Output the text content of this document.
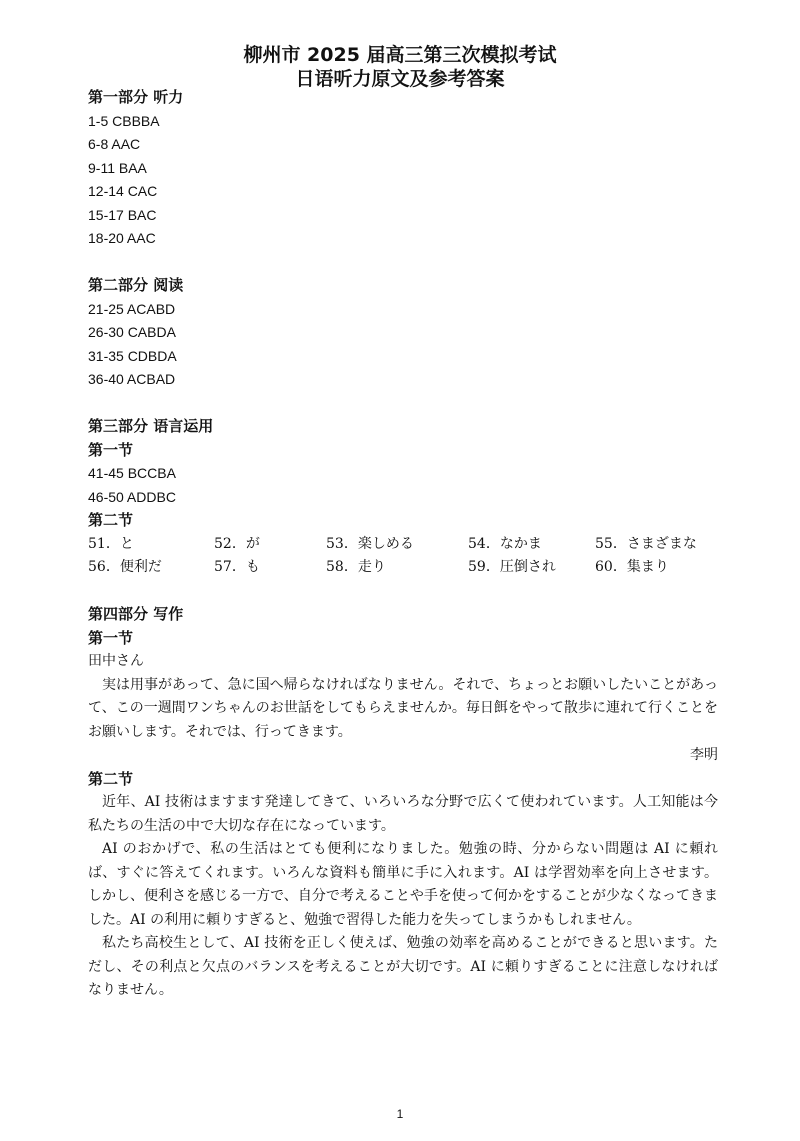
柳州市 2025 届高三第三次模拟考试
日语听力原文及参考答案
第一部分 听力
1-5 CBBBA
6-8 AAC
9-11 BAA
12-14 CAC
15-17 BAC
18-20 AAC
第二部分 阅读
21-25 ACABD
26-30 CABDA
31-35 CDBDA
36-40 ACBAD
第三部分 语言运用
第一节
41-45 BCCBA
46-50 ADDBC
第二节
51．と	52．が	53．楽しめる	54．なかま	55．さまざまな
56．便利だ	57．も	58．走り	59．圧倒され	60．集まり
第四部分 写作
第一节
田中さん
実は用事があって、急に国へ帰らなければなりません。それで、ちょっとお願いしたいことがあって、この一週間ワンちゃんのお世話をしてもらえませんか。毎日餌をやって散歩に連れて行くことをお願いします。それでは、行ってきます。
李明
第二节
近年、AI 技術はますます発達してきて、いろいろな分野で広くて使われています。人工知能は今私たちの生活の中で大切な存在になっています。
AI のおかげで、私の生活はとても便利になりました。勉強の時、分からない問題は AI に頼れば、すぐに答えてくれます。いろんな資料も簡単に手に入れます。AI は学習効率を向上させます。しかし、便利さを感じる一方で、自分で考えることや手を使って何かをすることが少なくなってきました。AI の利用に頼りすぎると、勉強で習得した能力を失ってしまうかもしれません。
私たち高校生として、AI 技術を正しく使えば、勉強の効率を高めることができると思います。ただし、その利点と欠点のバランスを考えることが大切です。AI に頼りすぎることに注意しなければなりません。
1
